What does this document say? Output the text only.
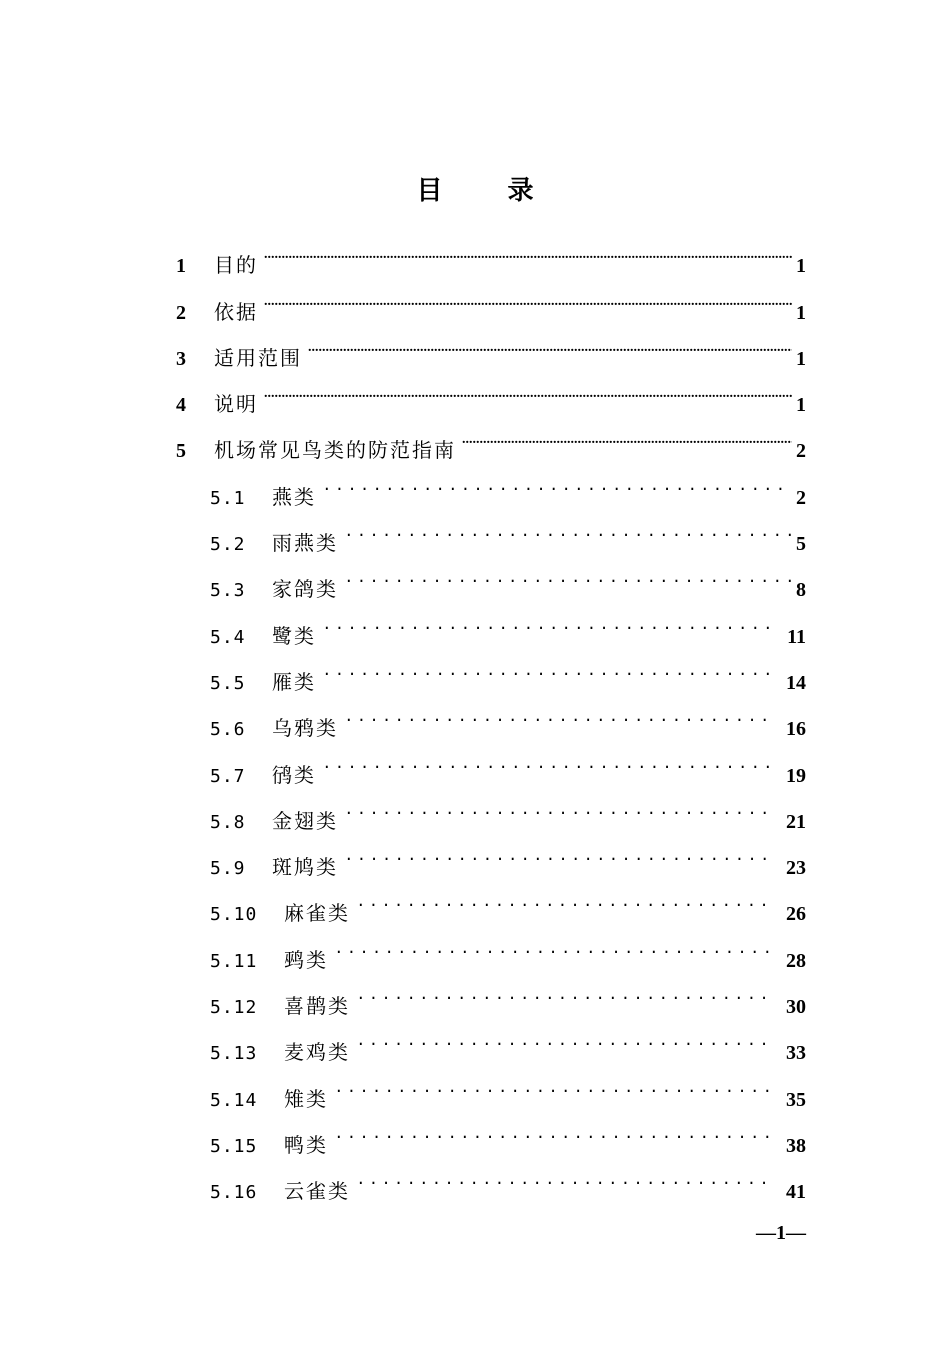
目 录
1	目的 .....	1
2	依据 .....	1
3	适用范围 .....	1
4	说明 .....	1
5	机场常见鸟类的防范指南 .....	2
5.1	燕类 .....	2
5.2	雨燕类 .....	5
5.3	家鸽类 .....	8
5.4	鹭类 .....	11
5.5	雁类 .....	14
5.6	乌鸦类 .....	16
5.7	鸻类 .....	19
5.8	金翅类 .....	21
5.9	斑鸠类 .....	23
5.10	麻雀类 .....	26
5.11	鹀类 .....	28
5.12	喜鹊类 .....	30
5.13	麦鸡类 .....	33
5.14	雉类 .....	35
5.15	鸭类 .....	38
5.16	云雀类 .....	41
—1—
